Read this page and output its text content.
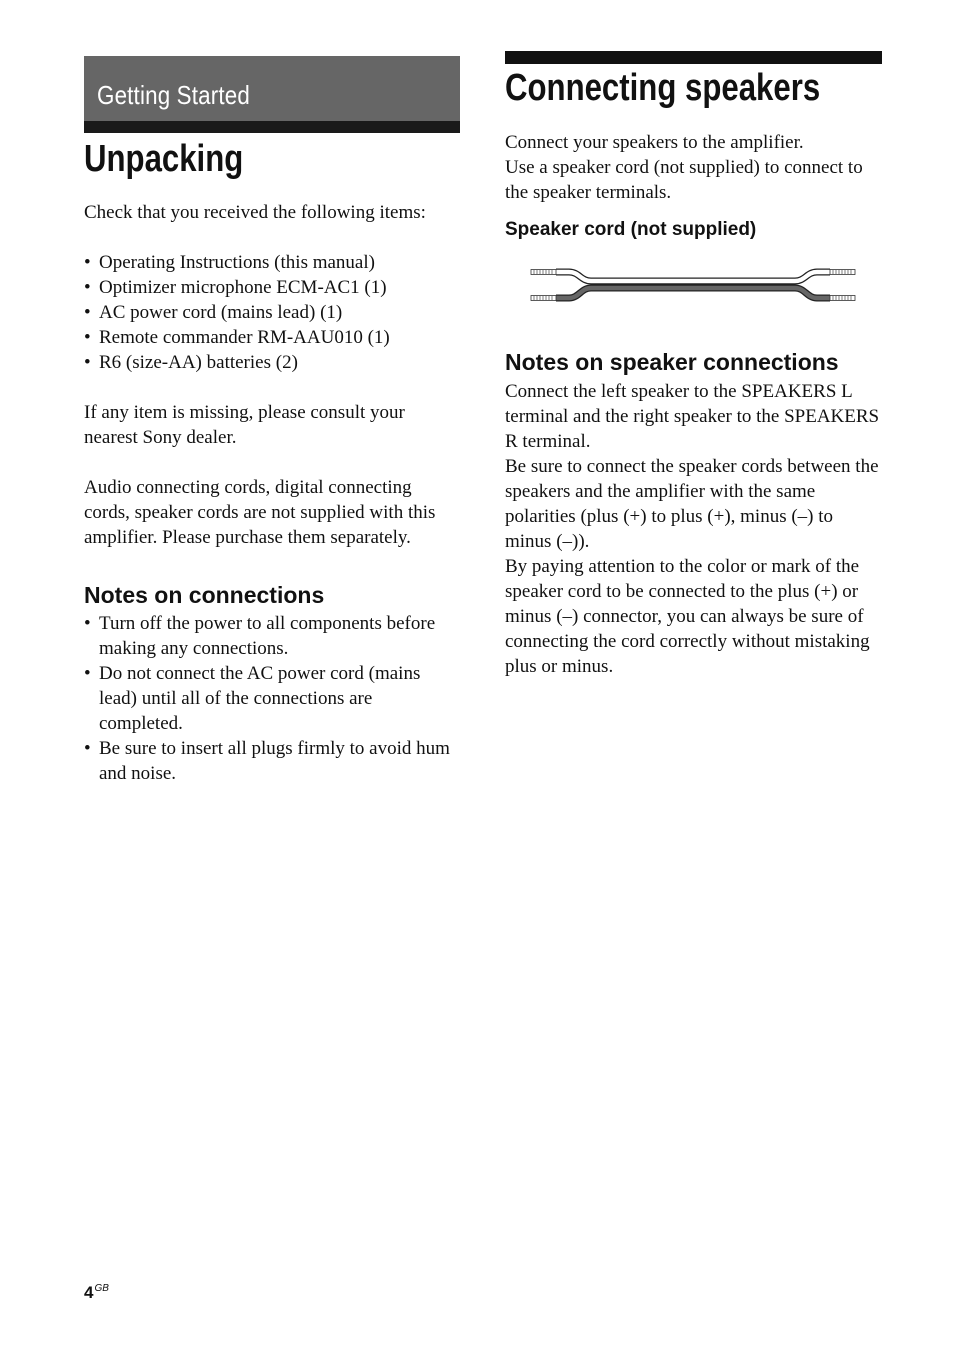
Getting Started
Unpacking

Check that you received the following items:

• Operating Instructions (this manual)
• Optimizer microphone ECM-AC1 (1)
• AC power cord (mains lead) (1)
• Remote commander RM-AAU010 (1)
• R6 (size-AA) batteries (2)

If any item is missing, please consult your nearest Sony dealer.

Audio connecting cords, digital connecting cords, speaker cords are not supplied with this amplifier. Please purchase them separately.

Notes on connections
• Turn off the power to all components before making any connections.
• Do not connect the AC power cord (mains lead) until all of the connections are completed.
• Be sure to insert all plugs firmly to avoid hum and noise.
Connecting speakers

Connect your speakers to the amplifier.

Use a speaker cord (not supplied) to connect to the speaker terminals.

Speaker cord (not supplied)
Notes on speaker connections

Connect the left speaker to the SPEAKERS L terminal and the right speaker to the SPEAKERS R terminal.

Be sure to connect the speaker cords between the speakers and the amplifier with the same polarities (plus (+) to plus (+), minus (–) to minus (–)).

By paying attention to the color or mark of the speaker cord to be connected to the plus (+) or minus (–) connector, you can always be sure of connecting the cord correctly without mistaking plus or minus.

$4^{GB}$
